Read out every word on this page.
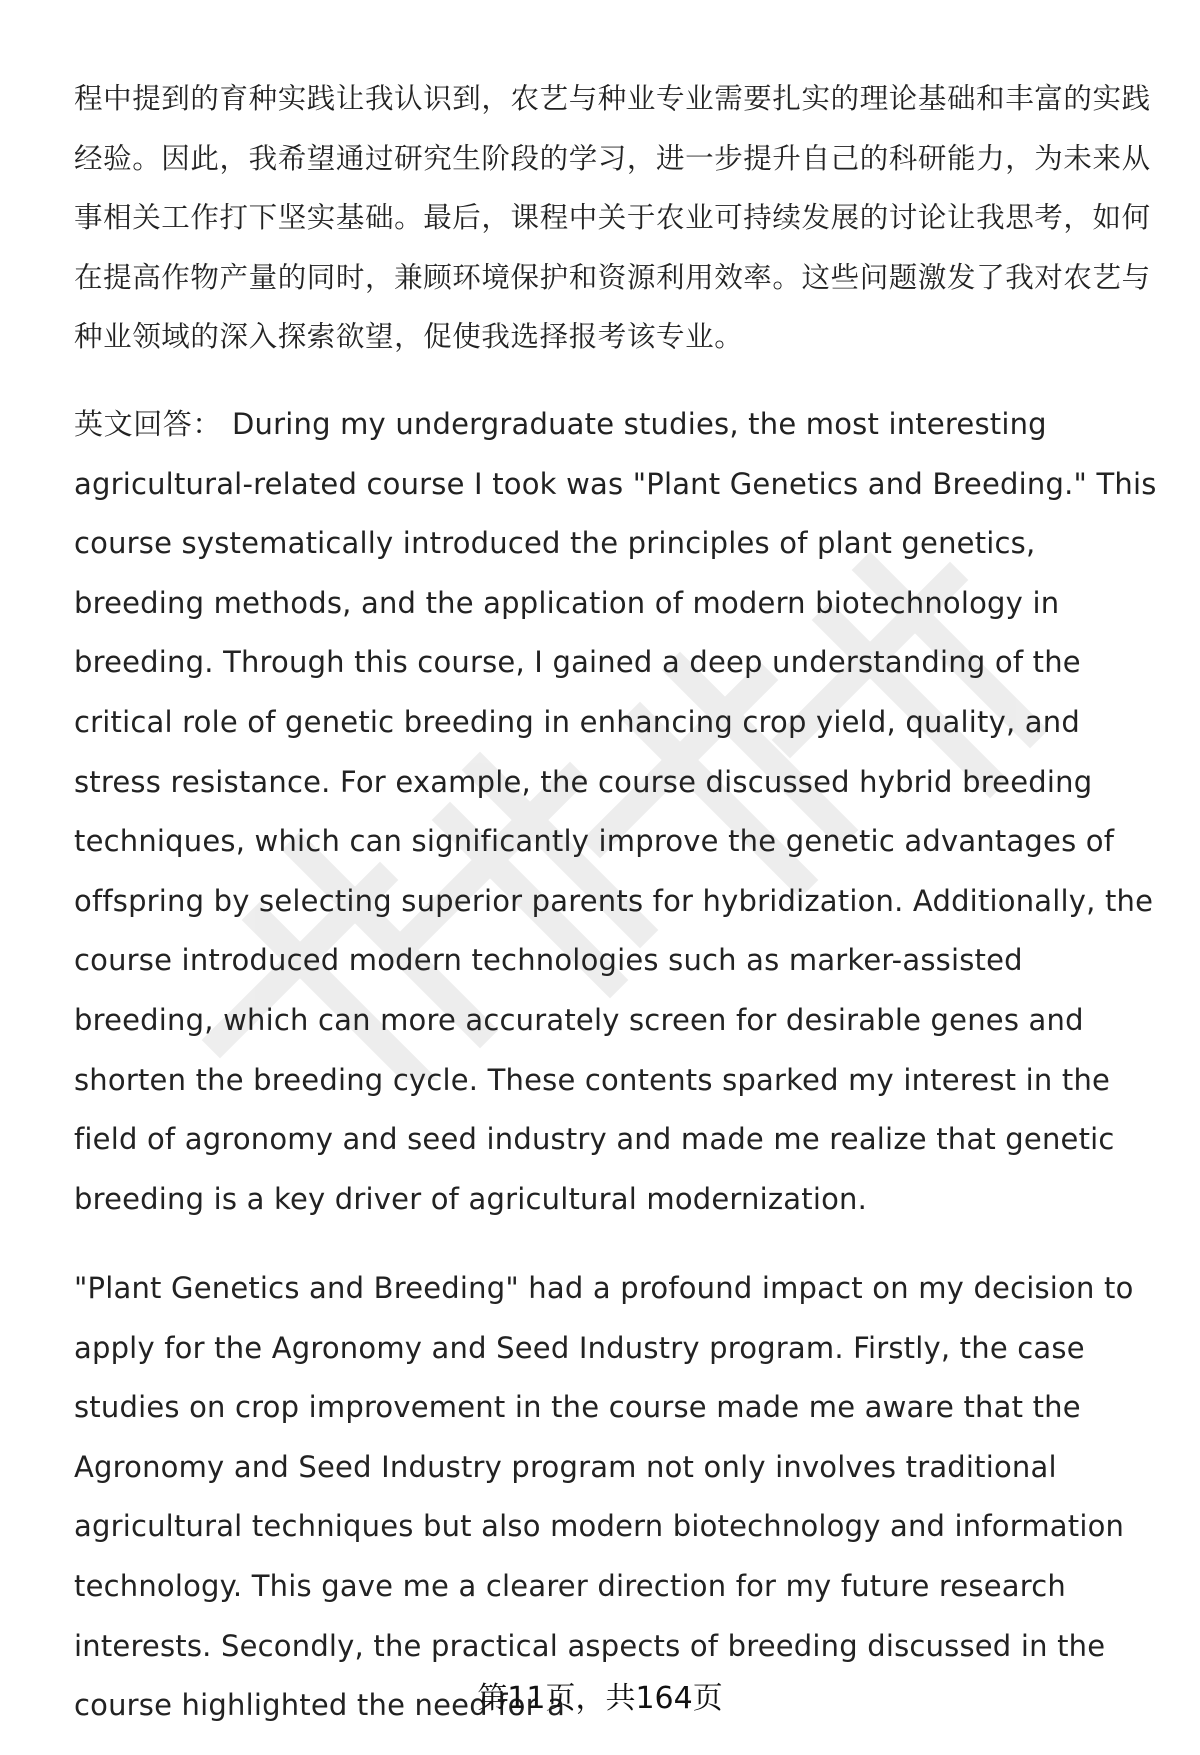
程中提到的育种实践让我认识到，农艺与种业专业需要扎实的理论基础和丰富的实践经验。因此，我希望通过研究生阶段的学习，进一步提升自己的科研能力，为未来从事相关工作打下坚实基础。最后，课程中关于农业可持续发展的讨论让我思考，如何在提高作物产量的同时，兼顾环境保护和资源利用效率。这些问题激发了我对农艺与种业领域的深入探索欲望，促使我选择报考该专业。

英文回答： During my undergraduate studies, the most interesting agricultural-related course I took was "Plant Genetics and Breeding." This course systematically introduced the principles of plant genetics, breeding methods, and the application of modern biotechnology in breeding. Through this course, I gained a deep understanding of the critical role of genetic breeding in enhancing crop yield, quality, and stress resistance. For example, the course discussed hybrid breeding techniques, which can significantly improve the genetic advantages of offspring by selecting superior parents for hybridization. Additionally, the course introduced modern technologies such as marker-assisted breeding, which can more accurately screen for desirable genes and shorten the breeding cycle. These contents sparked my interest in the field of agronomy and seed industry and made me realize that genetic breeding is a key driver of agricultural modernization.

"Plant Genetics and Breeding" had a profound impact on my decision to apply for the Agronomy and Seed Industry program. Firstly, the case studies on crop improvement in the course made me aware that the Agronomy and Seed Industry program not only involves traditional agricultural techniques but also modern biotechnology and information technology. This gave me a clearer direction for my future research interests. Secondly, the practical aspects of breeding discussed in the course highlighted the need for a

第11页，共164页
